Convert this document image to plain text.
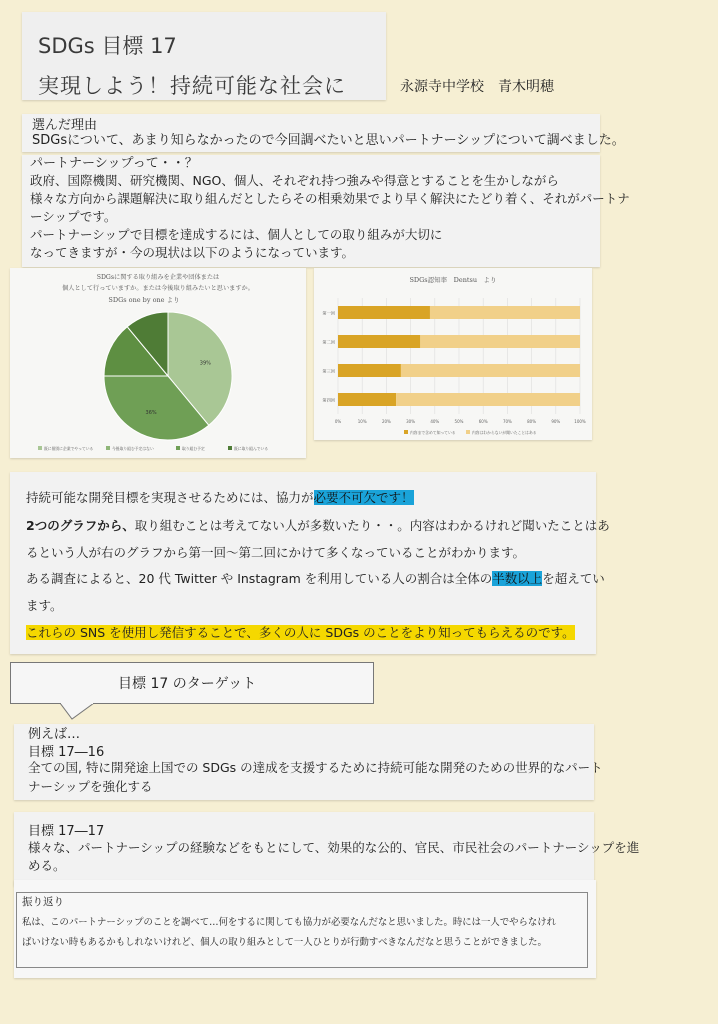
SDGs 目標 17
実現しよう！持続可能な社会に	永源寺中学校　青木明穂
選んだ理由
SDGsについて、あまり知らなかったので今回調べたいと思いパートナーシップについて調べました。
パートナーシップって・・？
政府、国際機関、研究機関、NGO、個人、それぞれ持つ強みや得意とすることを生かしながら
様々な方向から課題解決に取り組んだとしたらその相乗効果でより早く解決にたどり着く、それがパートナ
ーシップです。
パートナーシップで目標を達成するには、個人としての取り組みが大切に
なってきますが・今の現状は以下のようになっています。
SDGsに関する取り組みを企業や団体または
個人として行っていますか。または今後取り組みたいと思いますか。
SDGs one by one より
39%
36%
既に個別に企業でやっている	今後取り組む予定はない	取り組む予定	既に取り組んでいる
SDGs認知率　Dentsu　より
第一回
第二回
第三回
第四回
0%	10%	20%	30%	40%	50%	60%	70%	80%	90%	100%
内容まで含めて知っている	内容はわからないが聞いたことはある
持続可能な開発目標を実現させるためには、協力が必要不可欠です！
2つのグラフから、取り組むことは考えてない人が多数いたり・・。内容はわかるけれど聞いたことはあ
るという人が右のグラフから第一回〜第二回にかけて多くなっていることがわかります。
ある調査によると、20 代 Twitter や Instagram を利用している人の割合は全体の半数以上を超えてい
ます。
これらの SNS を使用し発信することで、多くの人に SDGs のことをより知ってもらえるのです。
目標 17 のターゲット
例えば…
目標 17―16
全ての国, 特に開発途上国での SDGs の達成を支援するために持続可能な開発のための世界的なパート
ナーシップを強化する
目標 17―17
様々な、パートナーシップの経験などをもとにして、効果的な公的、官民、市民社会のパートナーシップを進
める。
振り返り
私は、このパートナーシップのことを調べて…何をするに関しても協力が必要なんだなと思いました。時には一人でやらなけれ
ばいけない時もあるかもしれないけれど、個人の取り組みとして一人ひとりが行動すべきなんだなと思うことができました。
